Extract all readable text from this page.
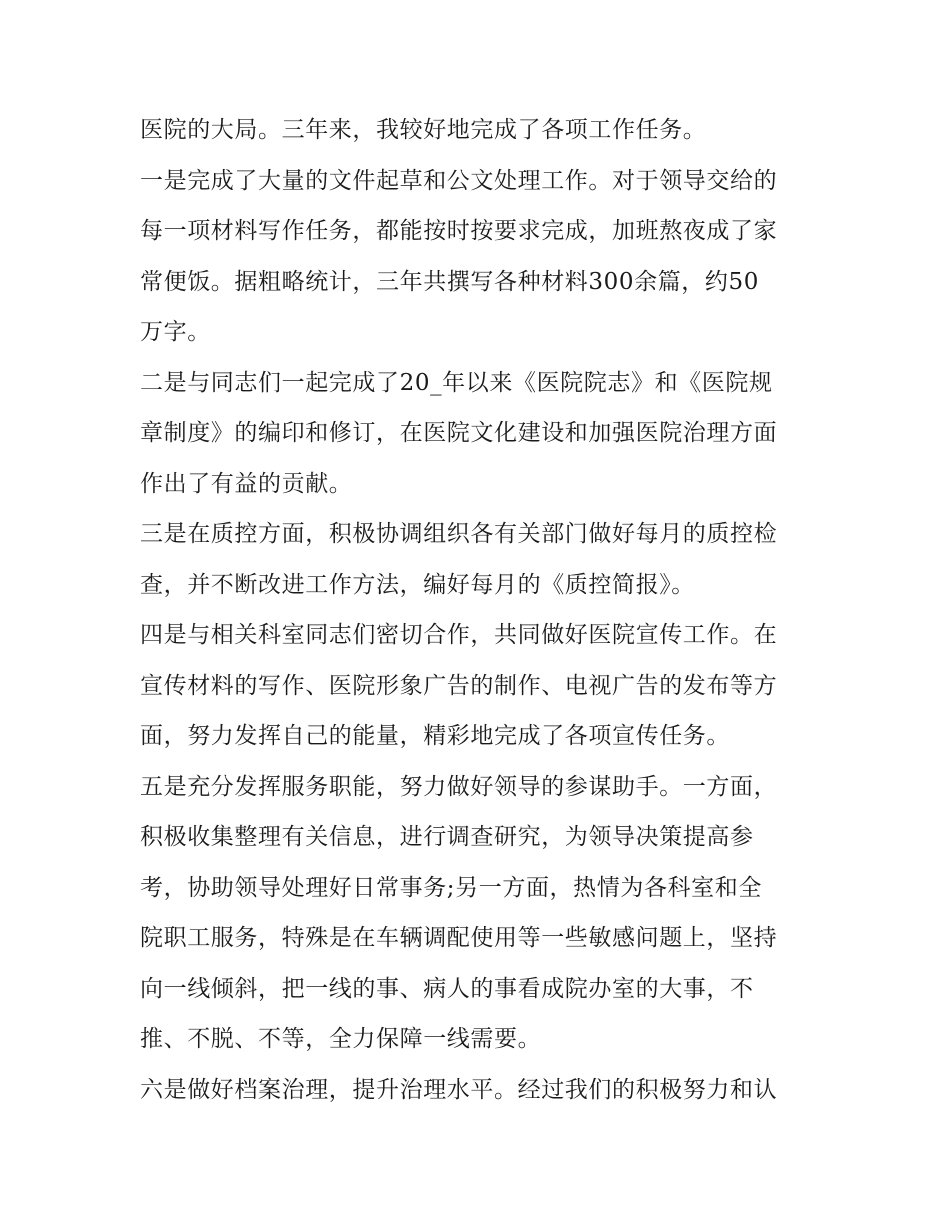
医院的大局。三年来，我较好地完成了各项工作任务。
一是完成了大量的文件起草和公文处理工作。对于领导交给的
每一项材料写作任务，都能按时按要求完成，加班熬夜成了家
常便饭。据粗略统计，三年共撰写各种材料300余篇，约50
万字。
二是与同志们一起完成了20_年以来《医院院志》和《医院规
章制度》的编印和修订，在医院文化建设和加强医院治理方面
作出了有益的贡献。
三是在质控方面，积极协调组织各有关部门做好每月的质控检
查，并不断改进工作方法，编好每月的《质控简报》。
四是与相关科室同志们密切合作，共同做好医院宣传工作。在
宣传材料的写作、医院形象广告的制作、电视广告的发布等方
面，努力发挥自己的能量，精彩地完成了各项宣传任务。
五是充分发挥服务职能，努力做好领导的参谋助手。一方面，
积极收集整理有关信息，进行调查研究，为领导决策提高参
考，协助领导处理好日常事务;另一方面，热情为各科室和全
院职工服务，特殊是在车辆调配使用等一些敏感问题上，坚持
向一线倾斜，把一线的事、病人的事看成院办室的大事，不
推、不脱、不等，全力保障一线需要。
六是做好档案治理，提升治理水平。经过我们的积极努力和认
